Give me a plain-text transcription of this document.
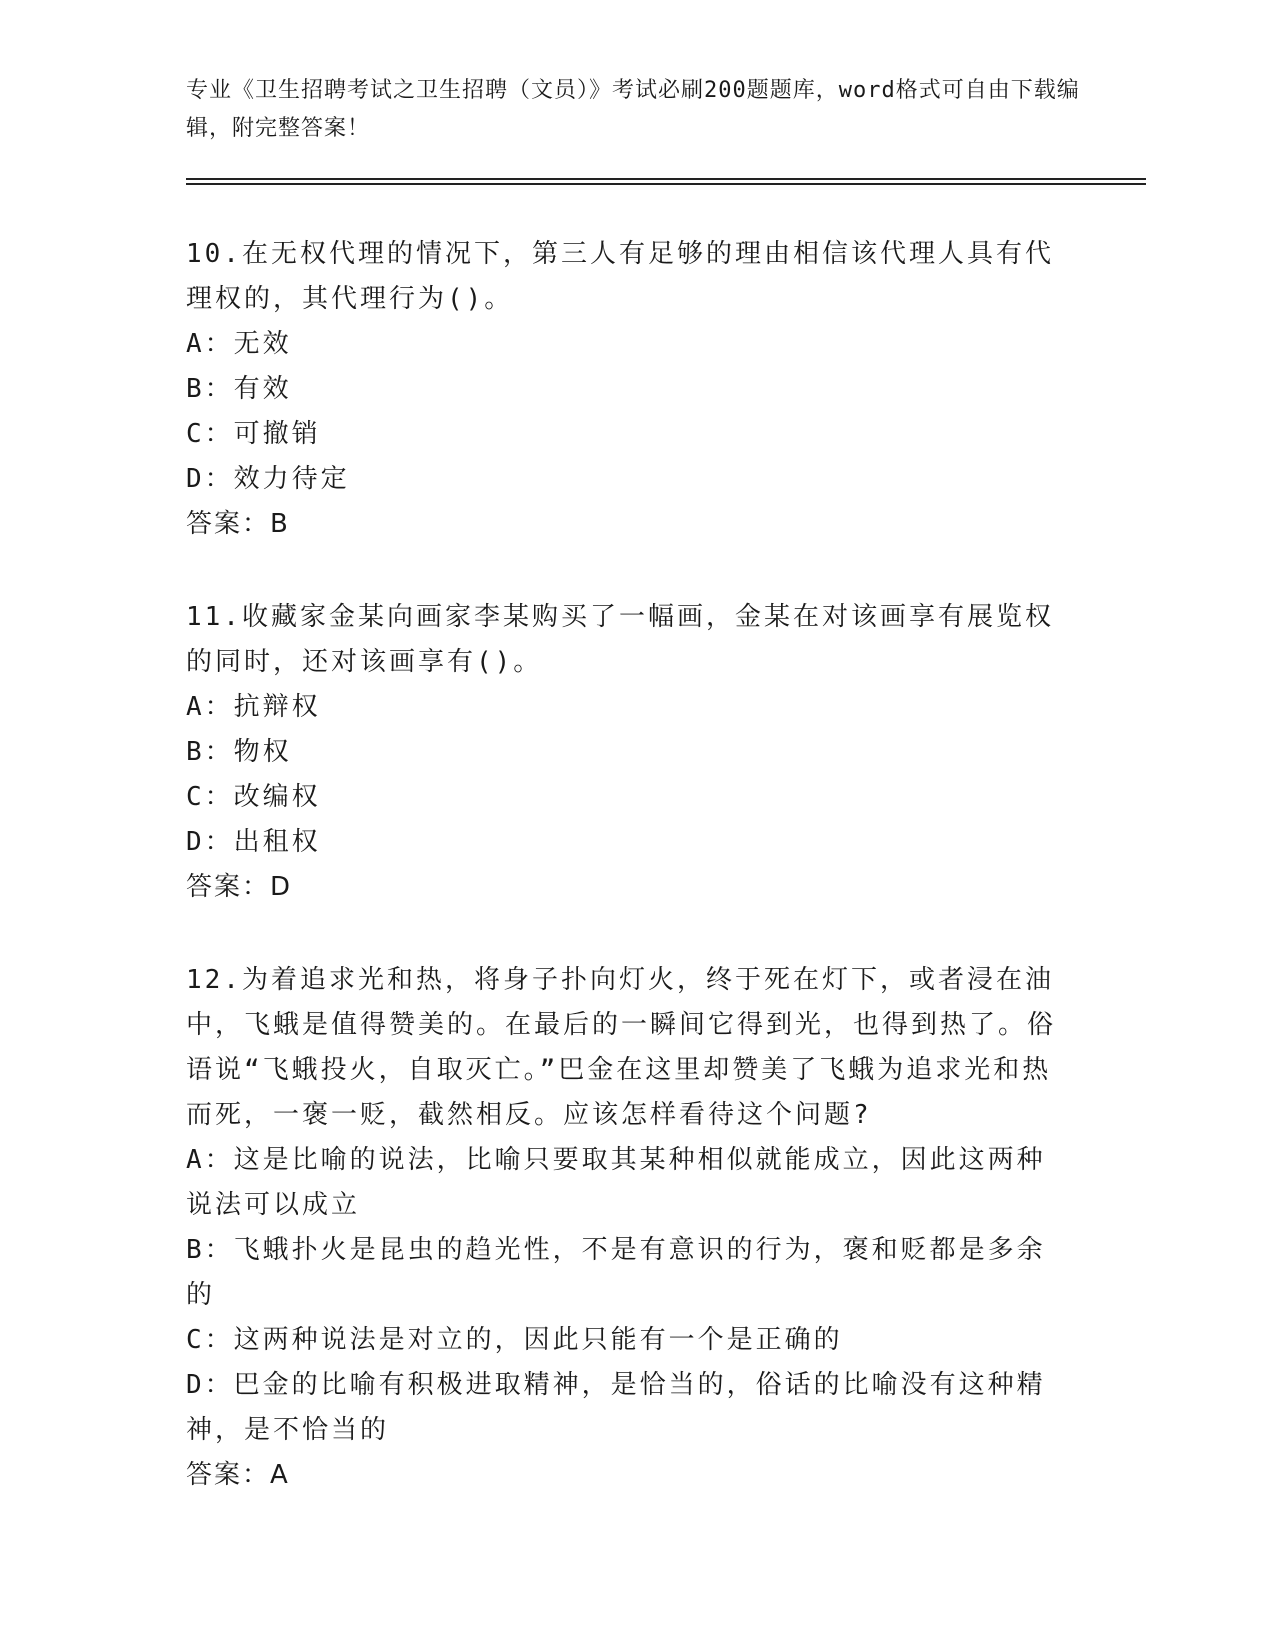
专业《卫生招聘考试之卫生招聘（文员）》考试必刷200题题库，word格式可自由下载编辑，附完整答案！

10.在无权代理的情况下，第三人有足够的理由相信该代理人具有代理权的，其代理行为()。

A：无效

B：有效

C：可撤销

D：效力待定

答案：B

11.收藏家金某向画家李某购买了一幅画，金某在对该画享有展览权的同时，还对该画享有()。

A：抗辩权

B：物权

C：改编权

D：出租权

答案：D

12.为着追求光和热，将身子扑向灯火，终于死在灯下，或者浸在油中，飞蛾是值得赞美的。在最后的一瞬间它得到光，也得到热了。俗语说“飞蛾投火，自取灭亡。”巴金在这里却赞美了飞蛾为追求光和热而死，一褒一贬，截然相反。应该怎样看待这个问题?

A：这是比喻的说法，比喻只要取其某种相似就能成立，因此这两种说法可以成立

B：飞蛾扑火是昆虫的趋光性，不是有意识的行为，褒和贬都是多余的

C：这两种说法是对立的，因此只能有一个是正确的

D：巴金的比喻有积极进取精神，是恰当的，俗话的比喻没有这种精神，是不恰当的

答案：A
